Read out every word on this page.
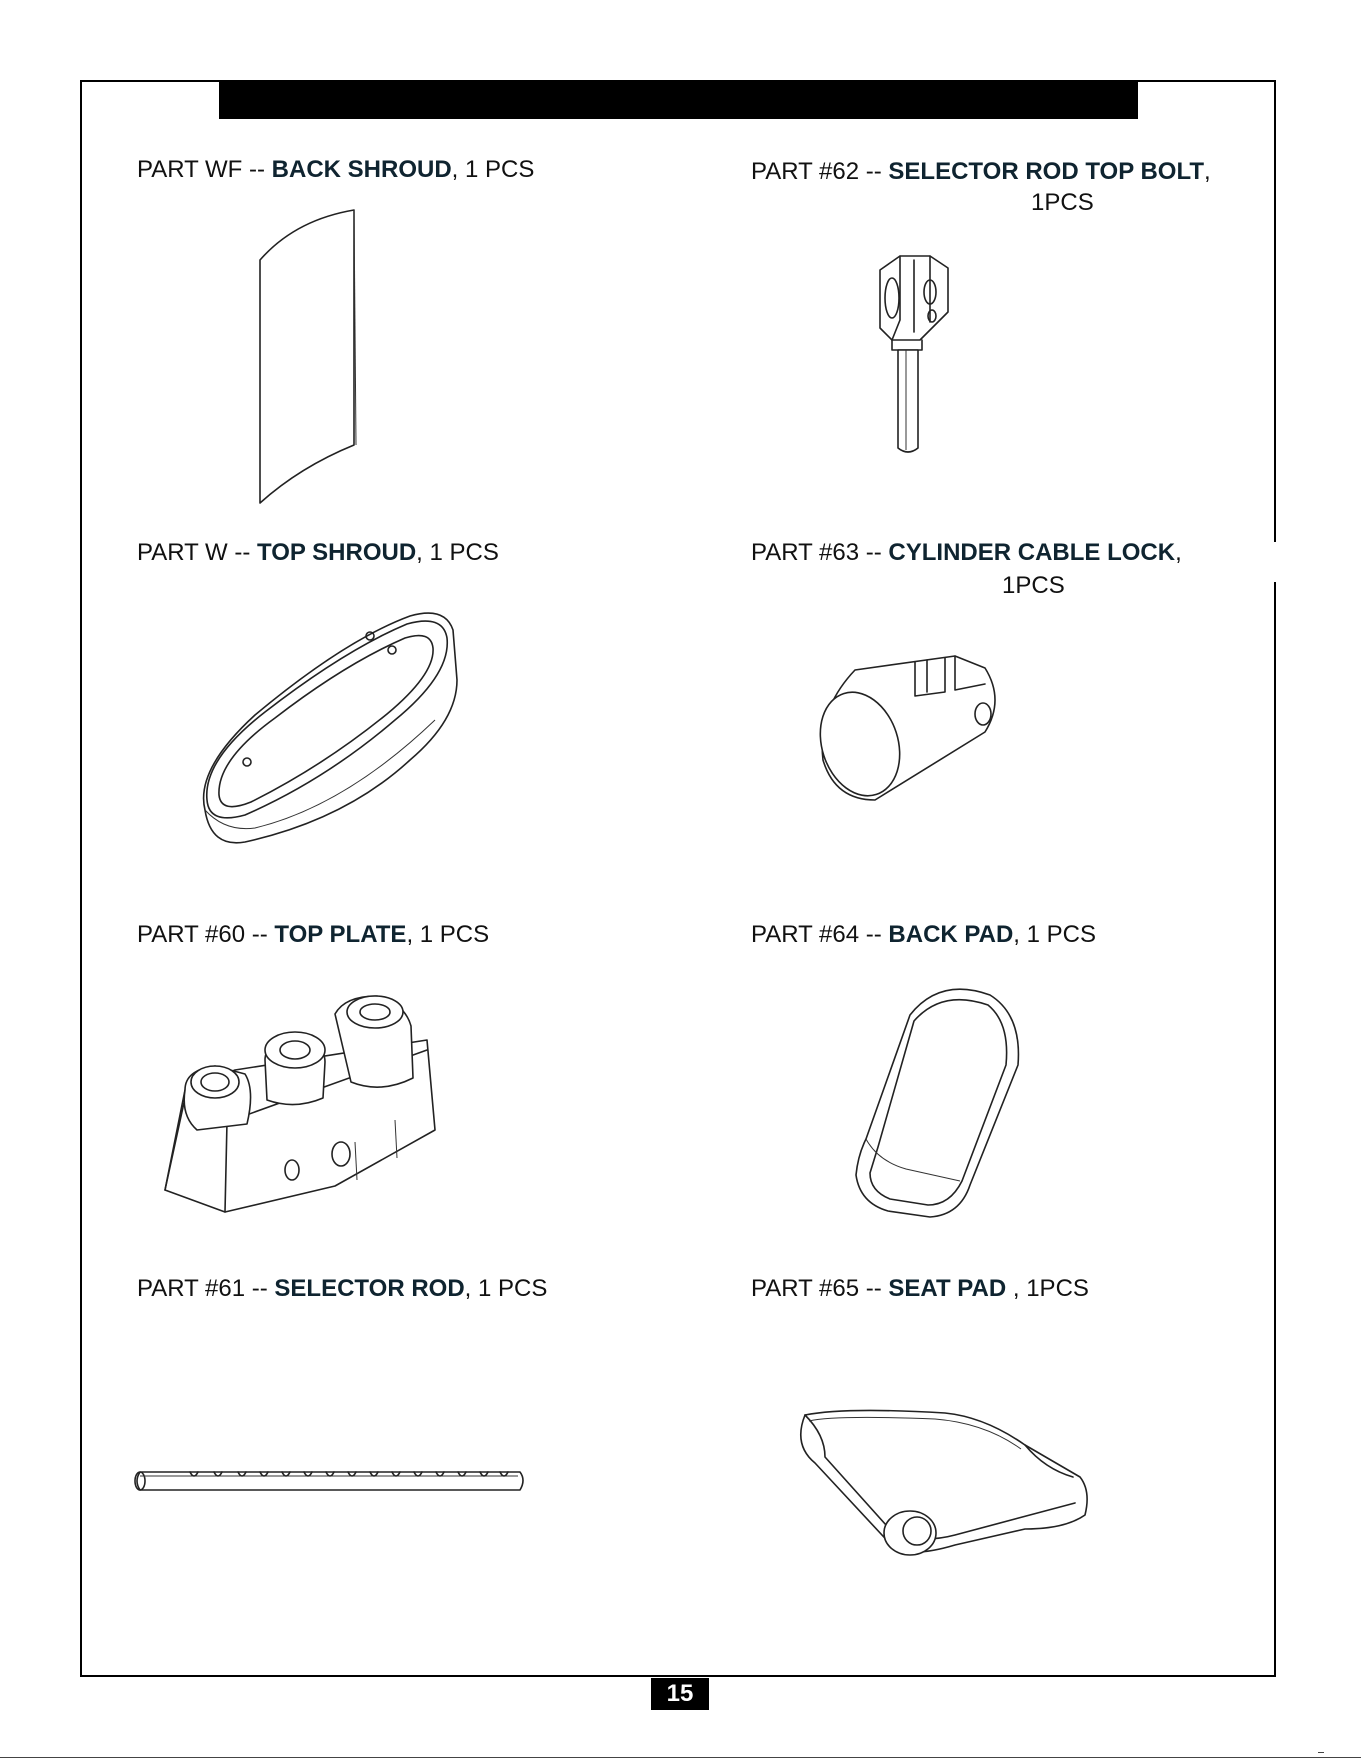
PART WF -- BACK SHROUD, 1 PCS	PART #62 -- SELECTOR ROD TOP BOLT,
1PCS
PART W -- TOP SHROUD, 1 PCS	PART #63 -- CYLINDER CABLE LOCK,
1PCS
PART #60 -- TOP PLATE, 1 PCS	PART #64 -- BACK PAD, 1 PCS
PART #61 -- SELECTOR ROD, 1 PCS	PART #65 -- SEAT PAD , 1PCS
15
